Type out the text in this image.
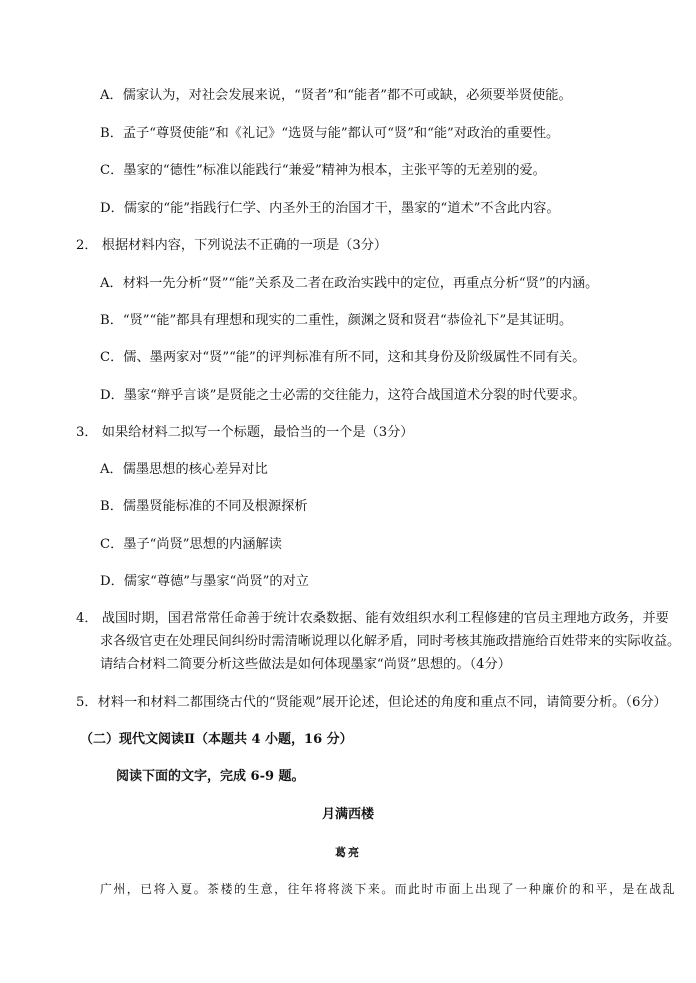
A．儒家认为，对社会发展来说，“贤者”和“能者”都不可或缺，必须要举贤使能。
B．孟子“尊贤使能”和《礼记》“选贤与能”都认可“贤”和“能”对政治的重要性。
C．墨家的“德性”标准以能践行“兼爱”精神为根本，主张平等的无差别的爱。
D．儒家的“能”指践行仁学、内圣外王的治国才干，墨家的“道术”不含此内容。
2． 根据材料内容，下列说法不正确的一项是（3分）
A．材料一先分析“贤”“能”关系及二者在政治实践中的定位，再重点分析“贤”的内涵。
B．“贤”“能”都具有理想和现实的二重性，颜渊之贤和贤君“恭俭礼下”是其证明。
C．儒、墨两家对“贤”“能”的评判标准有所不同，这和其身份及阶级属性不同有关。
D．墨家“辩乎言谈”是贤能之士必需的交往能力，这符合战国道术分裂的时代要求。
3． 如果给材料二拟写一个标题，最恰当的一个是（3分）
A．儒墨思想的核心差异对比
B．儒墨贤能标准的不同及根源探析
C．墨子“尚贤”思想的内涵解读
D．儒家“尊德”与墨家“尚贤”的对立
4． 战国时期，国君常常任命善于统计农桑数据、能有效组织水利工程修建的官员主理地方政务，并要
求各级官吏在处理民间纠纷时需清晰说理以化解矛盾，同时考核其施政措施给百姓带来的实际收益。
请结合材料二简要分析这些做法是如何体现墨家“尚贤”思想的。（4分）
5．材料一和材料二都围绕古代的“贤能观”展开论述，但论述的角度和重点不同，请简要分析。（6分）
（二）现代文阅读Ⅱ（本题共 4 小题，16 分）
阅读下面的文字，完成 6-9 题。
月满西楼
葛亮
广州，已将入夏。茶楼的生意，往年将将淡下来。而此时市面上出现了一种廉价的和平，是在战乱
